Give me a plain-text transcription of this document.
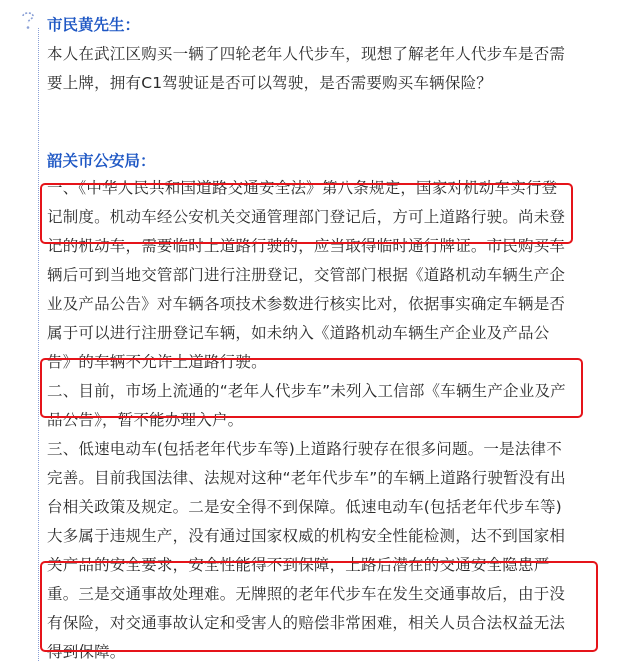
市民黄先生：
本人在武江区购买一辆了四轮老年人代步车，现想了解老年人代步车是否需
要上牌，拥有C1驾驶证是否可以驾驶，是否需要购买车辆保险？
韶关市公安局：
一、《中华人民共和国道路交通安全法》第八条规定，国家对机动车实行登
记制度。机动车经公安机关交通管理部门登记后，方可上道路行驶。尚未登
记的机动车，需要临时上道路行驶的，应当取得临时通行牌证。市民购买车
辆后可到当地交管部门进行注册登记，交管部门根据《道路机动车辆生产企
业及产品公告》对车辆各项技术参数进行核实比对，依据事实确定车辆是否
属于可以进行注册登记车辆，如未纳入《道路机动车辆生产企业及产品公
告》的车辆不允许上道路行驶。
二、目前，市场上流通的“老年人代步车”未列入工信部《车辆生产企业及产
品公告》，暂不能办理入户。
三、低速电动车(包括老年代步车等)上道路行驶存在很多问题。一是法律不
完善。目前我国法律、法规对这种“老年代步车”的车辆上道路行驶暂没有出
台相关政策及规定。二是安全得不到保障。低速电动车(包括老年代步车等)
大多属于违规生产，没有通过国家权威的机构安全性能检测，达不到国家相
关产品的安全要求，安全性能得不到保障，上路后潜在的交通安全隐患严
重。三是交通事故处理难。无牌照的老年代步车在发生交通事故后，由于没
有保险，对交通事故认定和受害人的赔偿非常困难，相关人员合法权益无法
得到保障。
